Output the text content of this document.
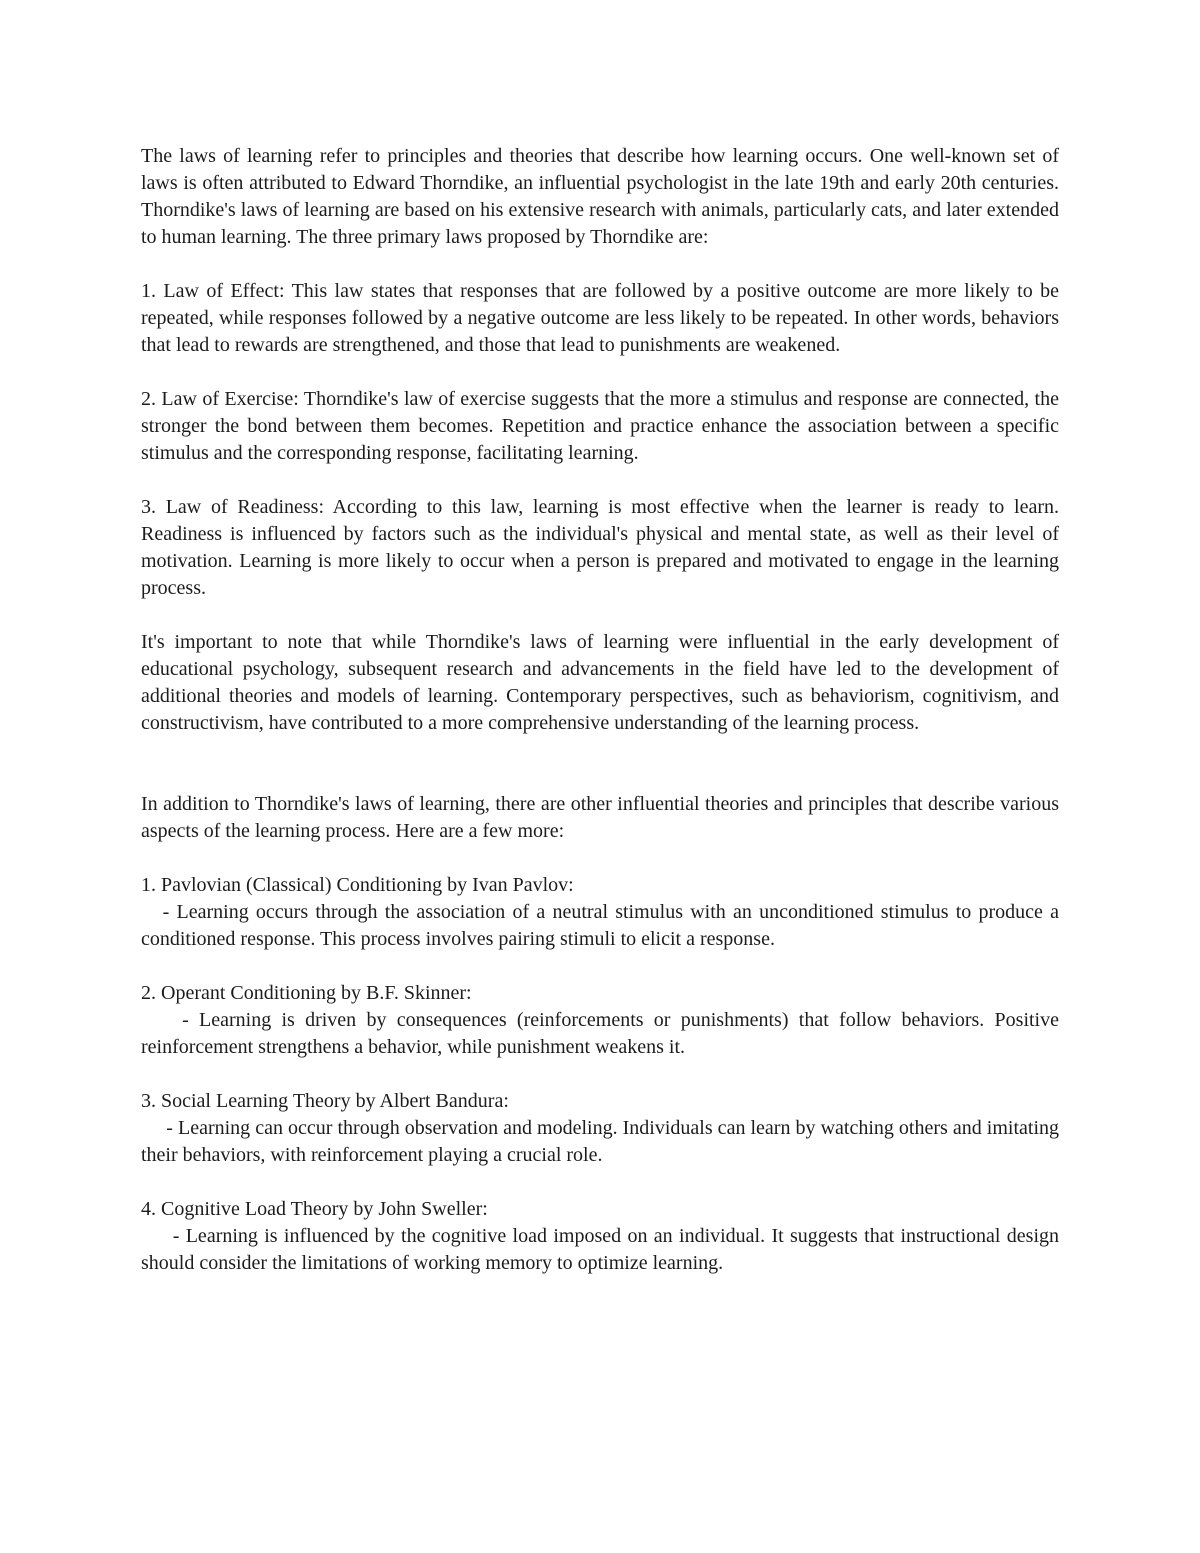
The laws of learning refer to principles and theories that describe how learning occurs. One well-known set of laws is often attributed to Edward Thorndike, an influential psychologist in the late 19th and early 20th centuries. Thorndike's laws of learning are based on his extensive research with animals, particularly cats, and later extended to human learning. The three primary laws proposed by Thorndike are:

1. Law of Effect: This law states that responses that are followed by a positive outcome are more likely to be repeated, while responses followed by a negative outcome are less likely to be repeated. In other words, behaviors that lead to rewards are strengthened, and those that lead to punishments are weakened.

2. Law of Exercise: Thorndike's law of exercise suggests that the more a stimulus and response are connected, the stronger the bond between them becomes. Repetition and practice enhance the association between a specific stimulus and the corresponding response, facilitating learning.

3. Law of Readiness: According to this law, learning is most effective when the learner is ready to learn. Readiness is influenced by factors such as the individual's physical and mental state, as well as their level of motivation. Learning is more likely to occur when a person is prepared and motivated to engage in the learning process.

It's important to note that while Thorndike's laws of learning were influential in the early development of educational psychology, subsequent research and advancements in the field have led to the development of additional theories and models of learning. Contemporary perspectives, such as behaviorism, cognitivism, and constructivism, have contributed to a more comprehensive understanding of the learning process.

In addition to Thorndike's laws of learning, there are other influential theories and principles that describe various aspects of the learning process. Here are a few more:

1. Pavlovian (Classical) Conditioning by Ivan Pavlov:

- Learning occurs through the association of a neutral stimulus with an unconditioned stimulus to produce a conditioned response. This process involves pairing stimuli to elicit a response.

2. Operant Conditioning by B.F. Skinner:

- Learning is driven by consequences (reinforcements or punishments) that follow behaviors. Positive reinforcement strengthens a behavior, while punishment weakens it.

3. Social Learning Theory by Albert Bandura:

- Learning can occur through observation and modeling. Individuals can learn by watching others and imitating their behaviors, with reinforcement playing a crucial role.

4. Cognitive Load Theory by John Sweller:

- Learning is influenced by the cognitive load imposed on an individual. It suggests that instructional design should consider the limitations of working memory to optimize learning.
